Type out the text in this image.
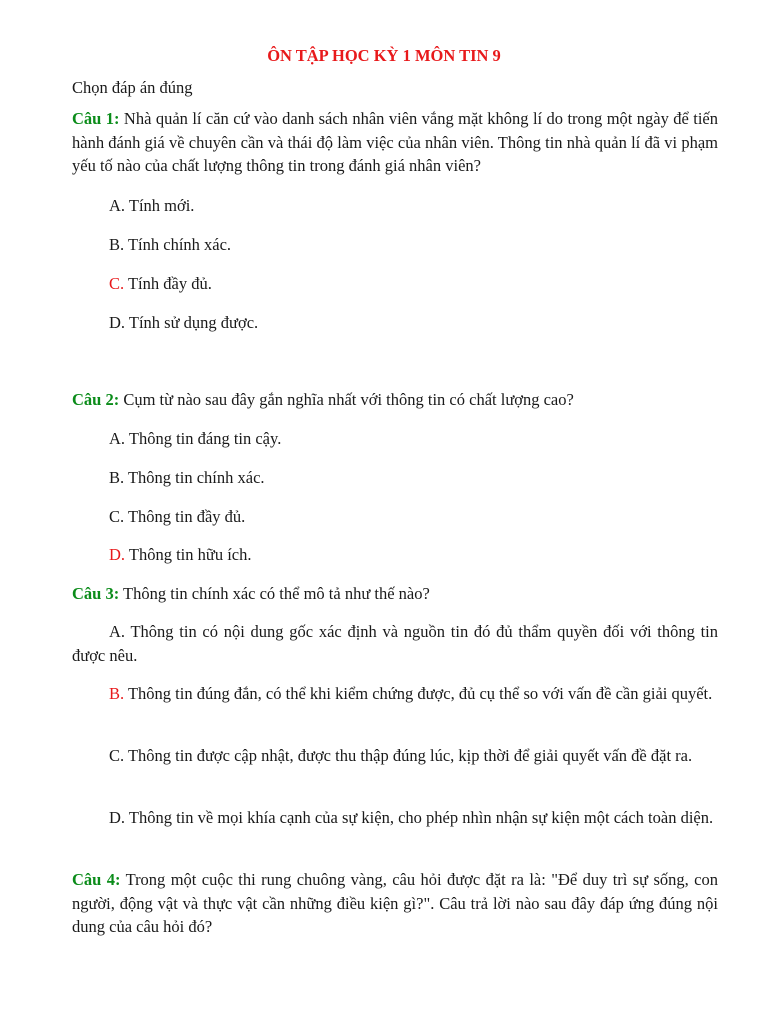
ÔN TẬP HỌC KỲ 1 MÔN TIN 9
Chọn đáp án đúng
Câu 1: Nhà quản lí căn cứ vào danh sách nhân viên vắng mặt không lí do trong một ngày để tiến hành đánh giá về chuyên cần và thái độ làm việc của nhân viên. Thông tin nhà quản lí đã vi phạm yếu tố nào của chất lượng thông tin trong đánh giá nhân viên?
A. Tính mới.
B. Tính chính xác.
C. Tính đầy đủ.
D. Tính sử dụng được.
Câu 2: Cụm từ nào sau đây gắn nghĩa nhất với thông tin có chất lượng cao?
A. Thông tin đáng tin cậy.
B. Thông tin chính xác.
C. Thông tin đầy đủ.
D. Thông tin hữu ích.
Câu 3: Thông tin chính xác có thể mô tả như thế nào?
A. Thông tin có nội dung gốc xác định và nguồn tin đó đủ thẩm quyền đối với thông tin được nêu.
B. Thông tin đúng đắn, có thể khi kiểm chứng được, đủ cụ thể so với vấn đề cần giải quyết.
C. Thông tin được cập nhật, được thu thập đúng lúc, kịp thời để giải quyết vấn đề đặt ra.
D. Thông tin về mọi khía cạnh của sự kiện, cho phép nhìn nhận sự kiện một cách toàn diện.
Câu 4: Trong một cuộc thi rung chuông vàng, câu hỏi được đặt ra là: "Để duy trì sự sống, con người, động vật và thực vật cần những điều kiện gì?". Câu trả lời nào sau đây đáp ứng đúng nội dung của câu hỏi đó?
